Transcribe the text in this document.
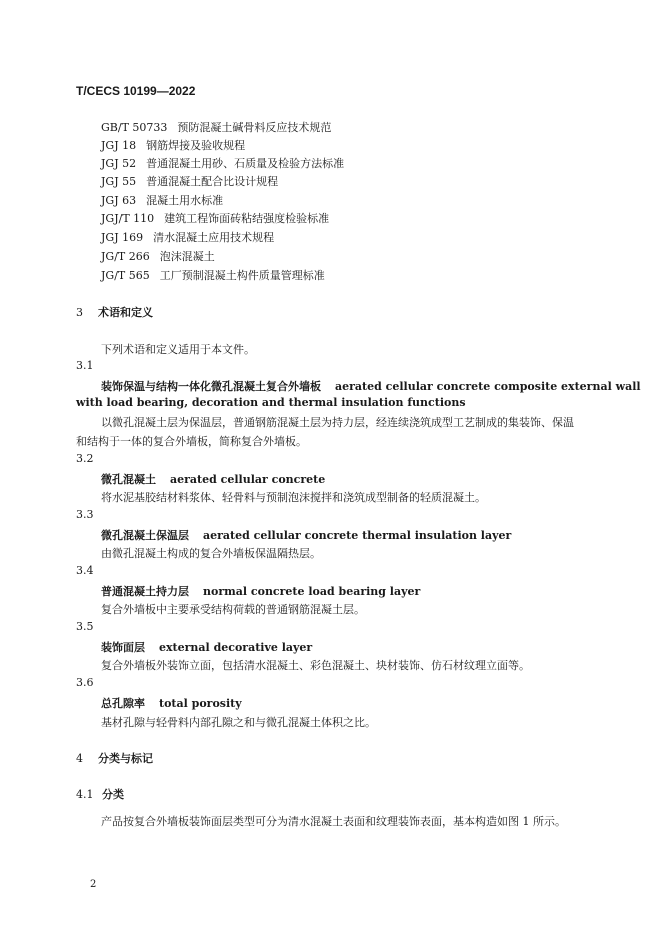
T/CECS 10199—2022
GB/T 50733 预防混凝土碱骨料反应技术规范
JGJ 18 钢筋焊接及验收规程
JGJ 52 普通混凝土用砂、石质量及检验方法标准
JGJ 55 普通混凝土配合比设计规程
JGJ 63 混凝土用水标准
JGJ/T 110 建筑工程饰面砖粘结强度检验标准
JGJ 169 清水混凝土应用技术规程
JG/T 266 泡沫混凝土
JG/T 565 工厂预制混凝土构件质量管理标准
3 术语和定义
下列术语和定义适用于本文件。
3.1
装饰保温与结构一体化微孔混凝土复合外墙板 aerated cellular concrete composite external wall
with load bearing, decoration and thermal insulation functions
以微孔混凝土层为保温层，普通钢筋混凝土层为持力层，经连续浇筑成型工艺制成的集装饰、保温
和结构于一体的复合外墙板，简称复合外墙板。
3.2
微孔混凝土 aerated cellular concrete
将水泥基胶结材料浆体、轻骨料与预制泡沫搅拌和浇筑成型制备的轻质混凝土。
3.3
微孔混凝土保温层 aerated cellular concrete thermal insulation layer
由微孔混凝土构成的复合外墙板保温隔热层。
3.4
普通混凝土持力层 normal concrete load bearing layer
复合外墙板中主要承受结构荷载的普通钢筋混凝土层。
3.5
装饰面层 external decorative layer
复合外墙板外装饰立面，包括清水混凝土、彩色混凝土、块材装饰、仿石材纹理立面等。
3.6
总孔隙率 total porosity
基材孔隙与轻骨料内部孔隙之和与微孔混凝土体积之比。
4 分类与标记
4.1 分类
产品按复合外墙板装饰面层类型可分为清水混凝土表面和纹理装饰表面，基本构造如图 1 所示。
2
